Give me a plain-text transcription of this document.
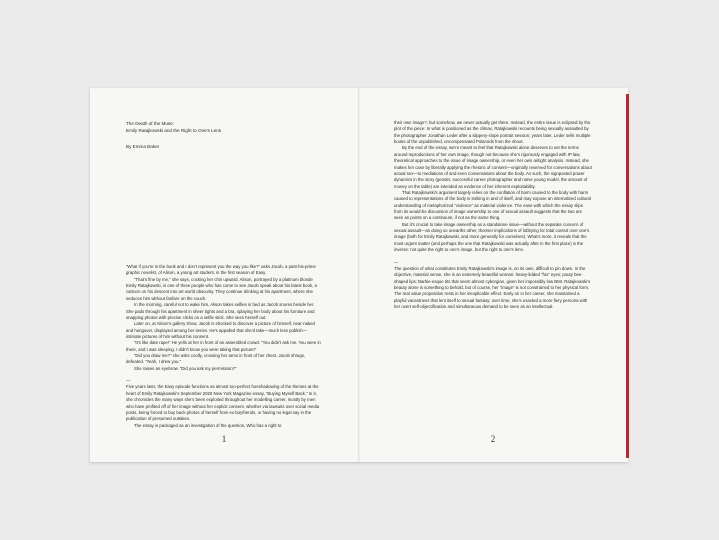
The Death of the Muse:
Emily Ratajkowski and the Right to One's Lens
By Emma Baker

“What if you're in the book and I don't represent you the way you like?” asks Jacob, a past-his-prime graphic novelist, of Alison, a young art student, in the first season of Easy.

“That's fine by me,” she says, cocking her chin upward. Alison, portrayed by a platinum blonde Emily Ratajkowski, is one of three people who has come to see Jacob speak about his latest book, a cartoon on his descent into art world obscurity. They continue drinking at his apartment, where she seduces him without fanfare on the couch.

In the morning, careful not to wake him, Alison takes selfies in bed as Jacob snores beside her. She pads through his apartment in sheer tights and a bra, splaying her body about his furniture and snapping photos with precise clicks on a selfie stick. She sees herself out.

Later on, at Alison's gallery show, Jacob is shocked to discover a picture of himself, near-naked and hungover, displayed among her series. He's appalled that she'd take—much less publish—intimate pictures of him without his consent.

“It's like date rape!” He yells at her in front of an assembled crowd. “You didn't ask me. You were in there, and I was sleeping. I didn't know you were taking that picture!”

“Did you draw me?” she asks coolly, crossing her arms in front of her chest. Jacob shrugs, defeated. “Yeah, I drew you.”

She raises an eyebrow. “Did you ask my permission?”

—

Five years later, the Easy episode functions as almost too-perfect foreshadowing of the themes at the heart of Emily Ratajkowski's September 2020 New York Magazine essay, “Buying Myself Back.” In it, she chronicles the many ways she's been exploited throughout her modelling career, mostly by men who have profited off of her image without her explicit consent, whether via lawsuits over social media posts, being forced to buy back photos of herself from ex-boyfriends, or having no legal say in the publication of presumed outtakes.

The essay is packaged as an investigation of the question, Who has a right to

1

their own image?; but somehow, we never actually get there. Instead, the entire issue is eclipsed by the plot of the piece: In what is positioned as the climax, Ratajkowski recounts being sexually assaulted by the photographer Jonathan Leder after a slippery-slope portrait session; years later, Leder sells multiple books of the unpublished, uncompensated Polaroids from the shoot.

By the end of the essay, we're meant to feel that Ratajkowski alone deserves to set the terms around reproductions of her own image, though not because she's rigorously engaged with IP law, theoretical approaches to the issue of image ownership, or even her own airtight analysis. Instead, she makes her case by liberally applying the rhetoric of consent—originally reserved for conversations about actual sex—to mediations of and even conversations about the body. As such, the signposted power dynamics in the story (gender, successful career photographer and naïve young model, the amount of money on the table) are intended as evidence of her inherent exploitability.

That Ratajkowski's argument largely relies on the conflation of harm caused to the body with harm caused to representations of the body is striking in and of itself, and may expose an internalized cultural understanding of metaphorized “violence” as material violence. The ease with which the essay slips from its would-be discussion of image ownership to one of sexual assault suggests that the two are seen as points on a continuum, if not as the same thing.

But it's crucial to take image ownership as a standalone issue—without the separate concern of sexual assault—as doing so unearths other, thornier implications of lobbying for total control over one's image (both for Emily Ratajkowski, and more generally for ourselves). What's more, it reveals that the most urgent matter (and perhaps the one that Ratajkowski was actually after in the first place) is the inverse: not quite the right to one's image, but the right to one's lens.

—

The question of what constitutes Emily Ratajkowski's image is, on its own, difficult to pin down. In the objective, material sense, she is an extremely beautiful woman: heavy-lidded “fox” eyes; pouty bee-shaped lips; Barbie-esque tits that seem almost cyborgian, given her impossibly low BMI. Ratajkowski's beauty alone is something to behold, but of course, her “image” is not constrained to her physical form. The real value proposition rests in her inexplicable effect. Early on in her career, she maintained a playful vacantness that lent itself to sexual fantasy; over time, she's exacted a more fiery persona with her overt self-objectification and simultaneous demand to be seen as an intellectual.

2
